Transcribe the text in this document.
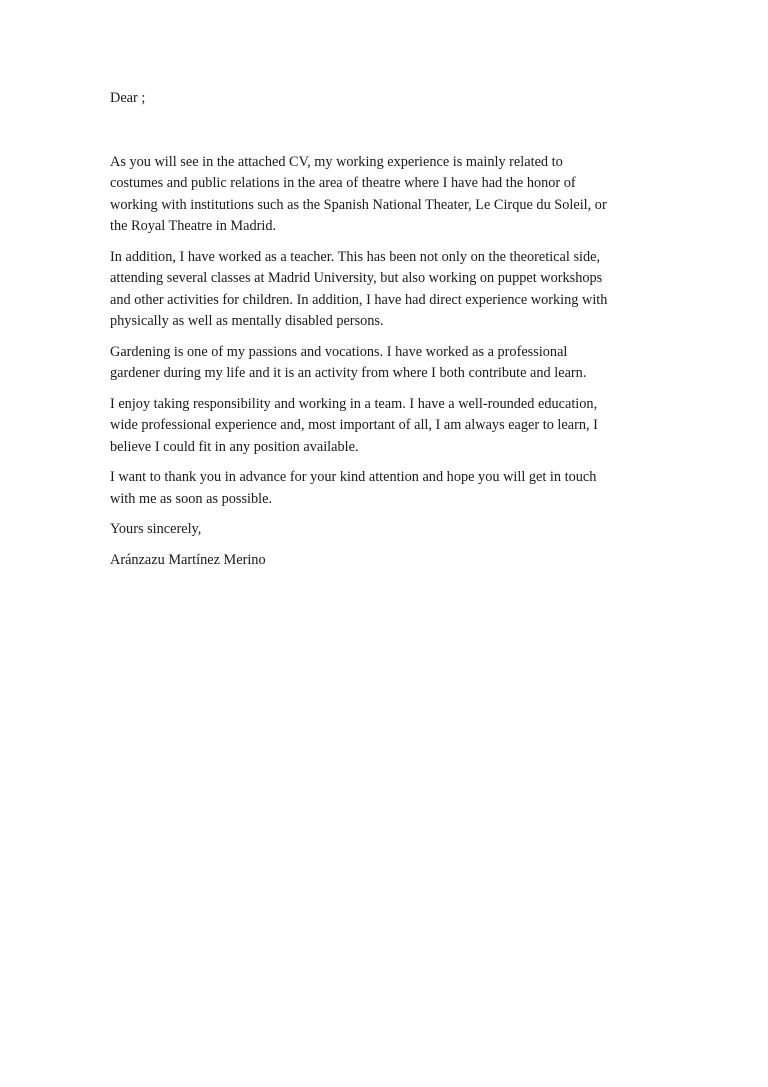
Dear ;
As you will see in the attached CV, my working experience is mainly related to
costumes and public relations in the area of theatre where I have had the honor of
working with institutions such as the Spanish National Theater, Le Cirque du Soleil, or
the Royal Theatre in Madrid.
In addition, I have worked as a teacher. This has been not only on the theoretical side,
attending several classes at Madrid University, but also working on puppet workshops
and other activities for children. In addition, I have had direct experience working with
physically as well as mentally disabled persons.
Gardening is one of my passions and vocations. I have worked as a professional
gardener during my life and it is an activity from where I both contribute and learn.
I enjoy taking responsibility and working in a team. I have a well-rounded education,
wide professional experience and, most important of all, I am always eager to learn, I
believe I could fit in any position available.
I want to thank you in advance for your kind attention and hope you will get in touch
with me as soon as possible.
Yours sincerely,
Aránzazu Martínez Merino
